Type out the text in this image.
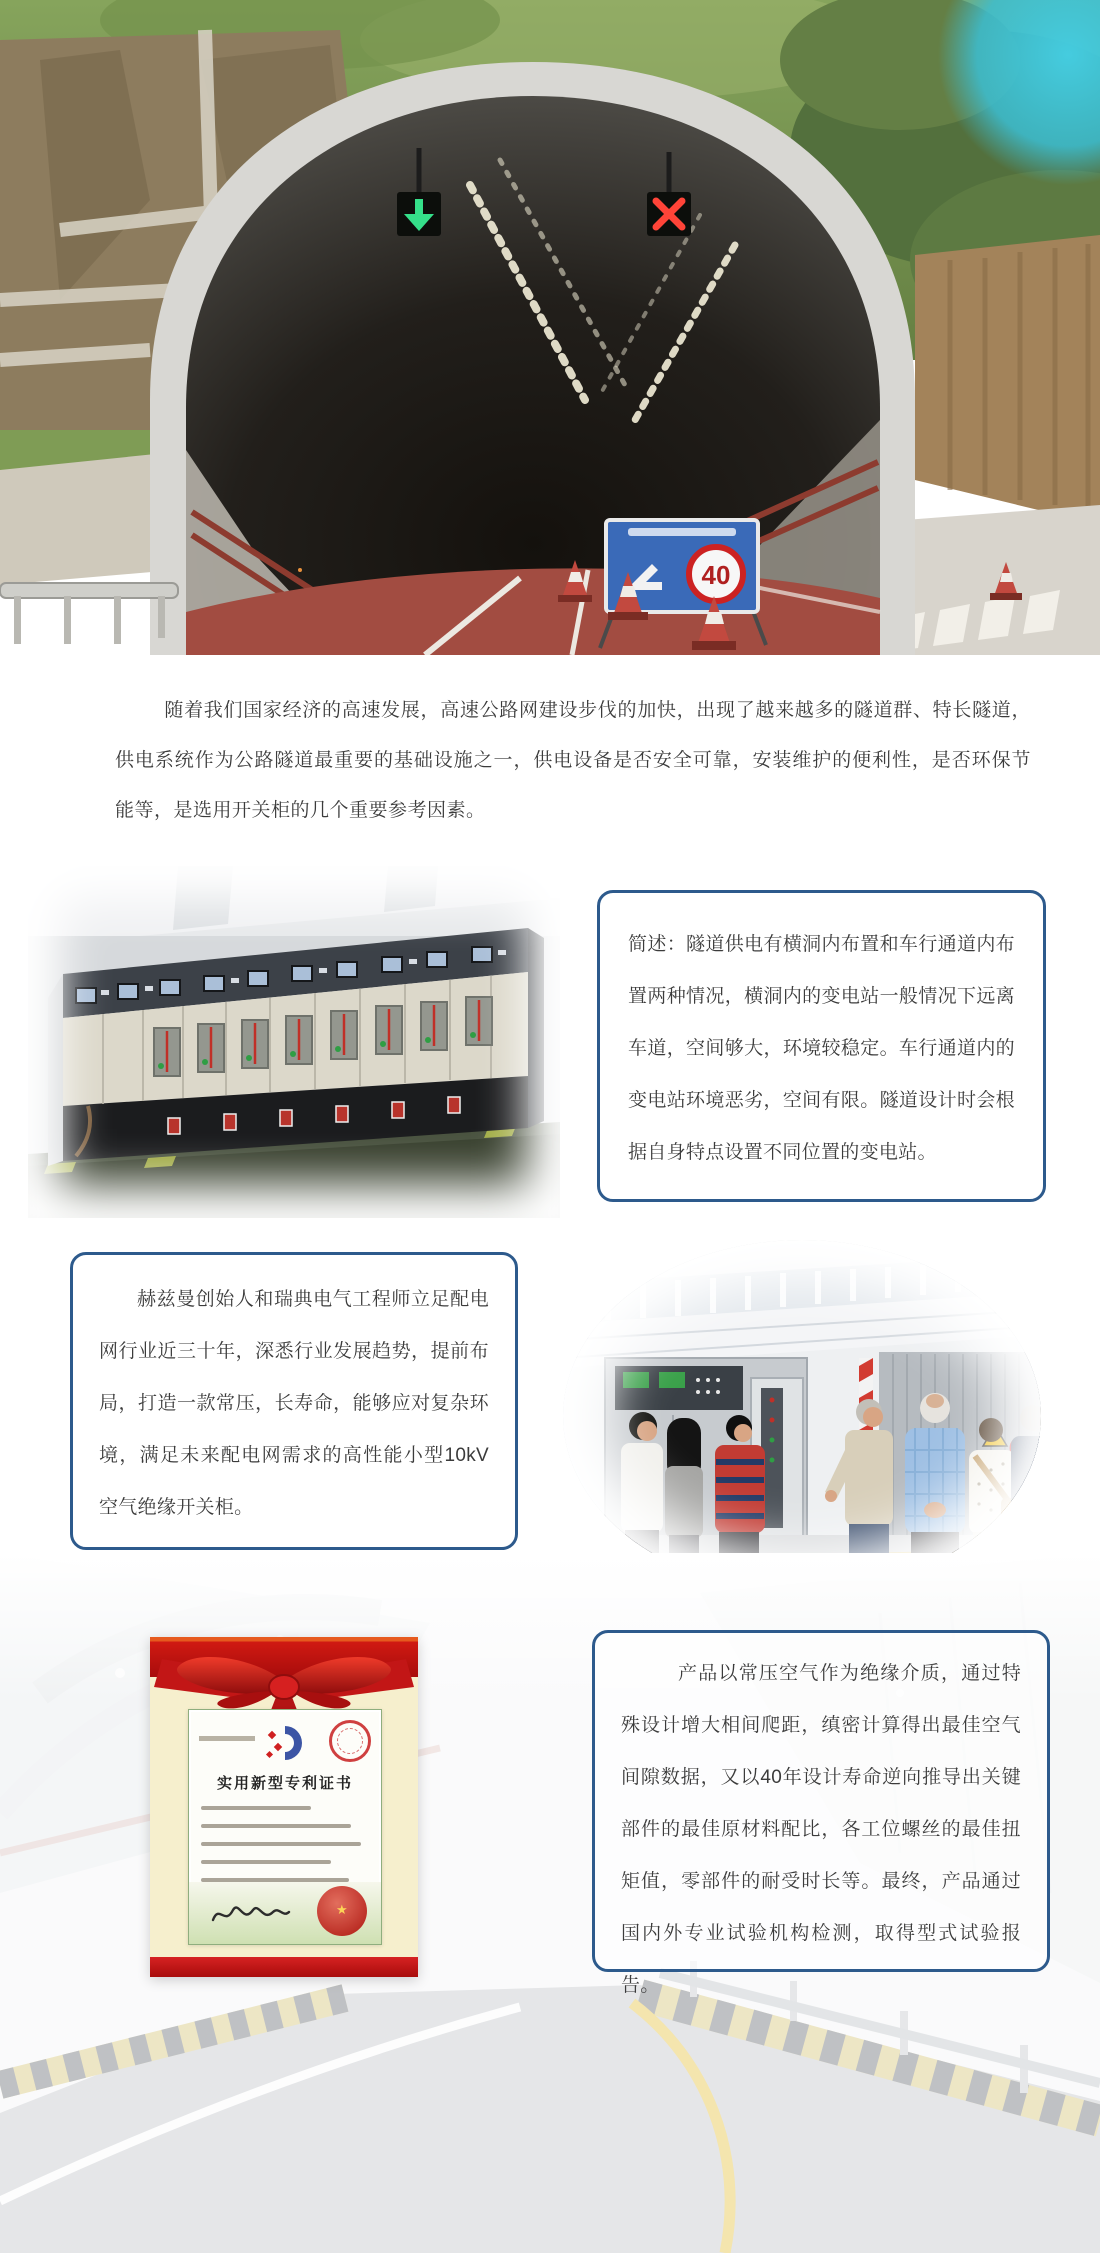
40
随着我们国家经济的高速发展，高速公路网建设步伐的加快，出现了越来越多的隧道群、特长隧道，供电系统作为公路隧道最重要的基础设施之一，供电设备是否安全可靠，安装维护的便利性，是否环保节能等，是选用开关柜的几个重要参考因素。
简述：隧道供电有横洞内布置和车行通道内布置两种情况，横洞内的变电站一般情况下远离车道，空间够大，环境较稳定。车行通道内的变电站环境恶劣，空间有限。隧道设计时会根据自身特点设置不同位置的变电站。
赫兹曼创始人和瑞典电气工程师立足配电网行业近三十年，深悉行业发展趋势，提前布局，打造一款常压，长寿命，能够应对复杂环境，满足未来配电网需求的高性能小型10kV空气绝缘开关柜。
实用新型专利证书
★
产品以常压空气作为绝缘介质，通过特殊设计增大相间爬距，缜密计算得出最佳空气间隙数据，又以40年设计寿命逆向推导出关键部件的最佳原材料配比，各工位螺丝的最佳扭矩值，零部件的耐受时长等。最终，产品通过国内外专业试验机构检测，取得型式试验报告。
